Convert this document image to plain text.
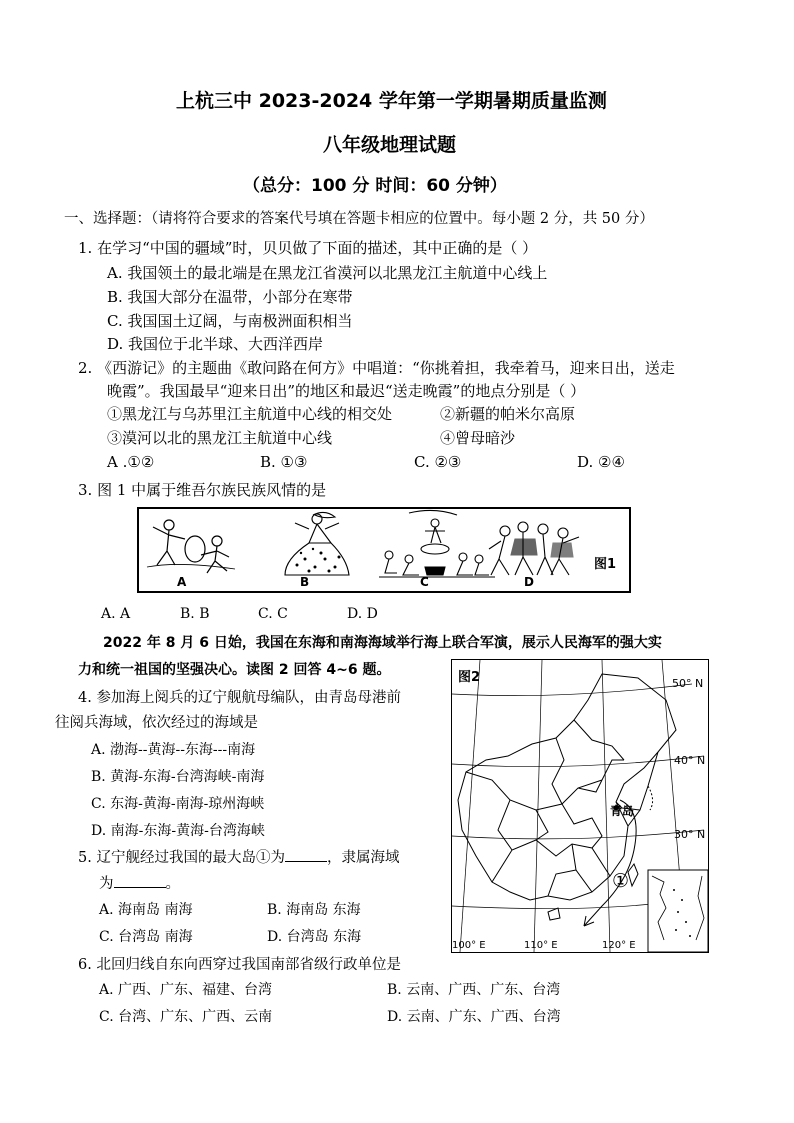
上杭三中 2023-2024 学年第一学期暑期质量监测
八年级地理试题
（总分：100 分 时间：60 分钟）
一、选择题：（请将符合要求的答案代号填在答题卡相应的位置中。每小题 2 分，共 50 分）
1. 在学习“中国的疆域”时，贝贝做了下面的描述，其中正确的是（ ）
A. 我国领土的最北端是在黑龙江省漠河以北黑龙江主航道中心线上
B. 我国大部分在温带，小部分在寒带
C. 我国国土辽阔，与南极洲面积相当
D. 我国位于北半球、大西洋西岸
2. 《西游记》的主题曲《敢问路在何方》中唱道：“你挑着担，我牵着马，迎来日出，送走
晚霞”。我国最早“迎来日出”的地区和最迟“送走晚霞”的地点分别是（ ）
①黑龙江与乌苏里江主航道中心线的相交处	②新疆的帕米尔高原
③漠河以北的黑龙江主航道中心线	④曾母暗沙
A .①②	B. ①③	C. ②③	D. ②④
3. 图 1 中属于维吾尔族民族风情的是
A	B	C	D
图1
A. A	B. B	C. C	D. D
2022 年 8 月 6 日始，我国在东海和南海海域举行海上联合军演，展示人民海军的强大实
力和统一祖国的坚强决心。读图 2 回答 4~6 题。	图2	50° N
40° N
30° N
青岛
①
100° E	110° E	120° E
4. 参加海上阅兵的辽宁舰航母编队，由青岛母港前
往阅兵海域，依次经过的海域是
A. 渤海--黄海--东海---南海
B. 黄海-东海-台湾海峡-南海
C. 东海-黄海-南海-琼州海峡
D. 南海-东海-黄海-台湾海峡
5. 辽宁舰经过我国的最大岛①为	，隶属海域
为	。
A. 海南岛 南海	B. 海南岛 东海
C. 台湾岛 南海	D. 台湾岛 东海
6. 北回归线自东向西穿过我国南部省级行政单位是
A. 广西、广东、福建、台湾	B. 云南、广西、广东、台湾
C. 台湾、广东、广西、云南	D. 云南、广东、广西、台湾
